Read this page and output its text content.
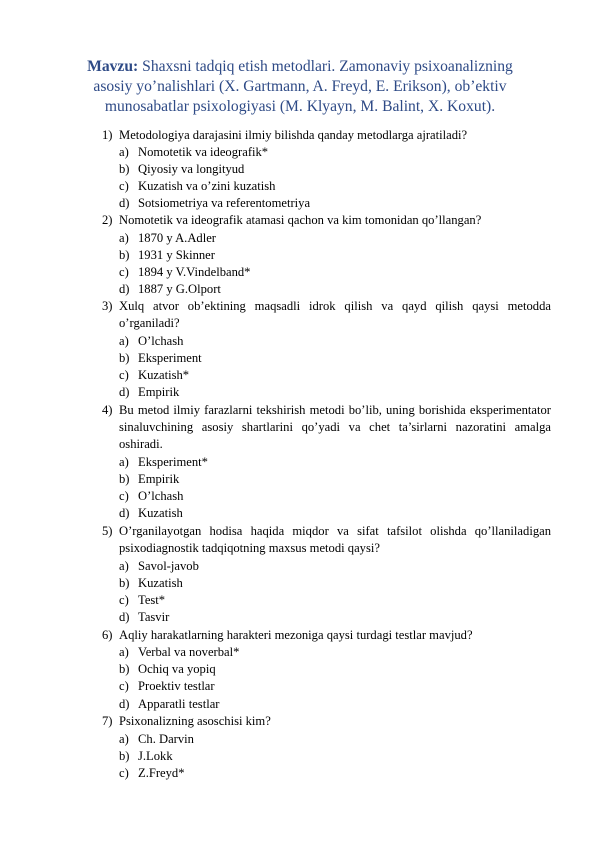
Mavzu: Shaxsni tadqiq etish metodlari. Zamonaviy psixoanalizning asosiy yo’nalishlari (X. Gartmann, A. Freyd, E. Erikson), ob’ektiv munosabatlar psixologiyasi (M. Klyayn, M. Balint, X. Koxut).
1) Metodologiya darajasini ilmiy bilishda qanday metodlarga ajratiladi?
a) Nomotetik va ideografik*
b) Qiyosiy va longityud
c) Kuzatish va o’zini kuzatish
d) Sotsiometriya va referentometriya
2) Nomotetik va ideografik atamasi qachon va kim tomonidan qo’llangan?
a) 1870 y A.Adler
b) 1931 y Skinner
c) 1894 y V.Vindelband*
d) 1887 y G.Olport
3) Xulq atvor ob’ektining maqsadli idrok qilish va qayd qilish qaysi metodda o’rganiladi?
a) O’lchash
b) Eksperiment
c) Kuzatish*
d) Empirik
4) Bu metod ilmiy farazlarni tekshirish metodi bo’lib, uning borishida eksperimentator sinaluvchining asosiy shartlarini qo’yadi va chet ta’sirlarni nazoratini amalga oshiradi.
a) Eksperiment*
b) Empirik
c) O’lchash
d) Kuzatish
5) O’rganilayotgan hodisa haqida miqdor va sifat tafsilot olishda qo’llaniladigan psixodiagnostik tadqiqotning maxsus metodi qaysi?
a) Savol-javob
b) Kuzatish
c) Test*
d) Tasvir
6) Aqliy harakatlarning harakteri mezoniga qaysi turdagi testlar mavjud?
a) Verbal va noverbal*
b) Ochiq va yopiq
c) Proektiv testlar
d) Apparatli testlar
7) Psixonalizning asoschisi kim?
a) Ch. Darvin
b) J.Lokk
c) Z.Freyd*
